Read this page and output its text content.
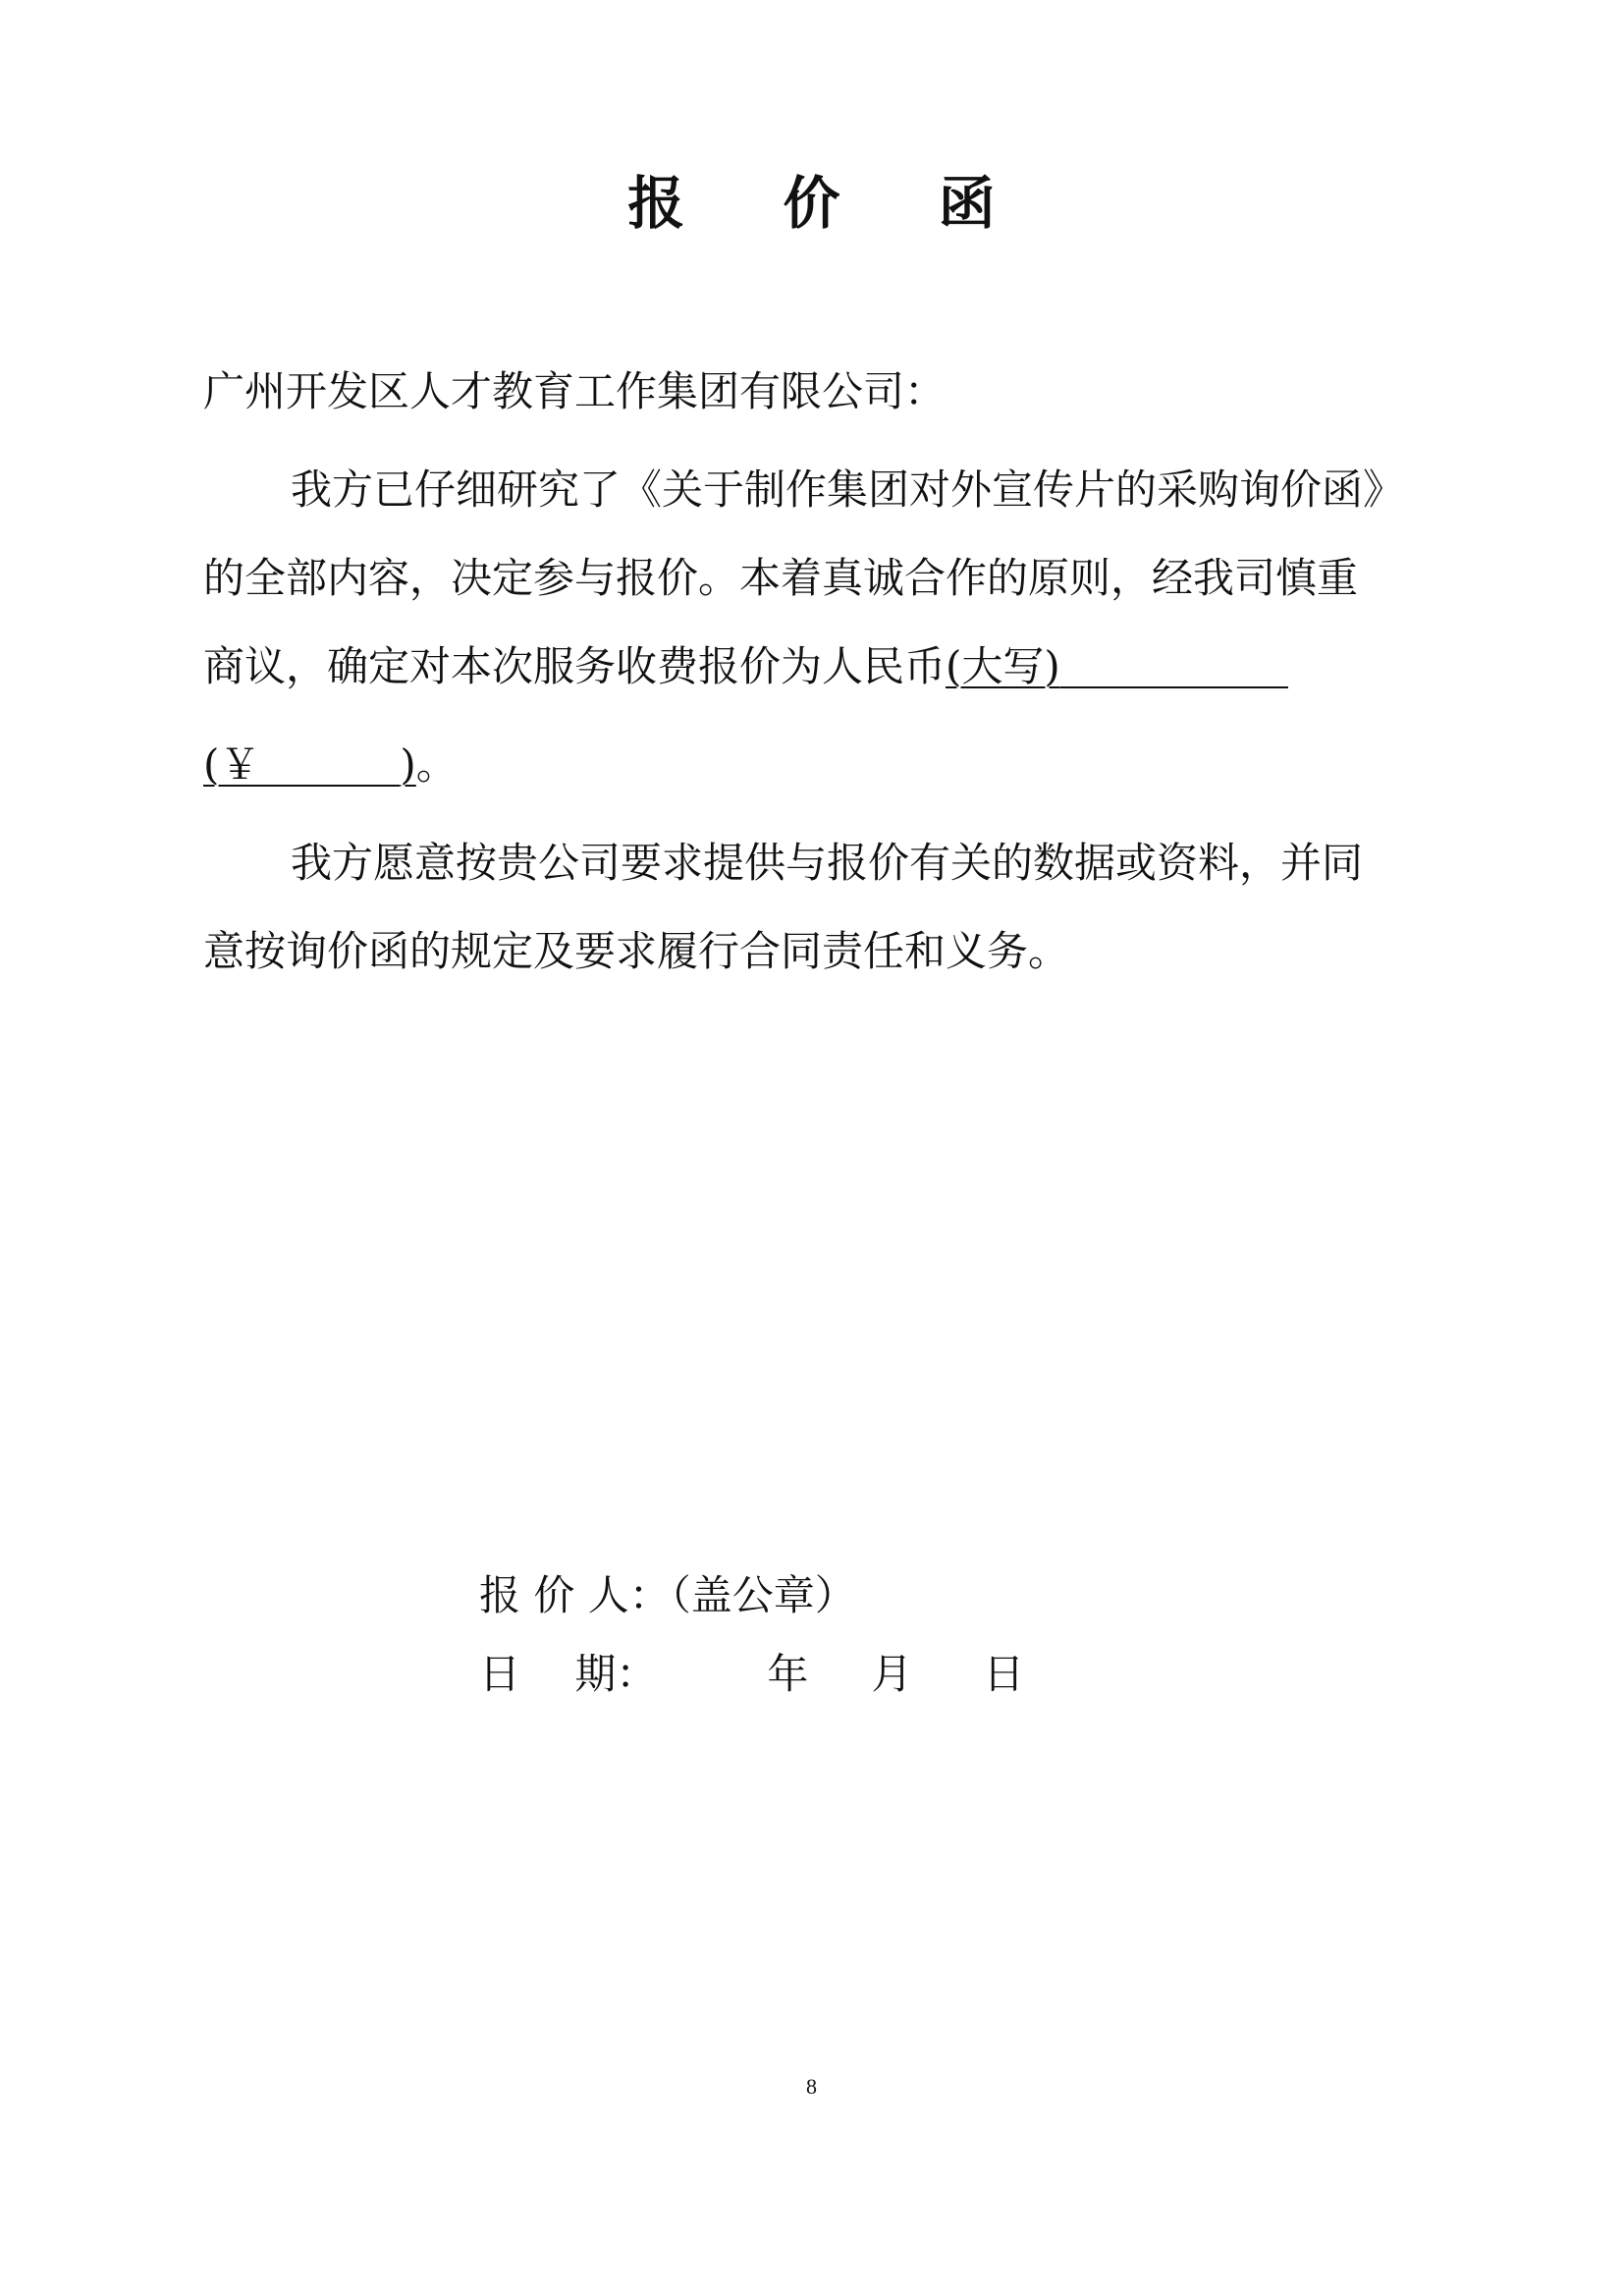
报 价 函
广州开发区人才教育工作集团有限公司：
我方已仔细研究了《关于制作集团对外宣传片的采购询价函》
的全部内容，决定参与报价。本着真诚合作的原则，经我司慎重
商议，确定对本次服务收费报价为人民币(大写)
(￥	)。
我方愿意按贵公司要求提供与报价有关的数据或资料，并同
意按询价函的规定及要求履行合同责任和义务。
报 价 人：（盖公章）
日　 期：	年 月 日
8
